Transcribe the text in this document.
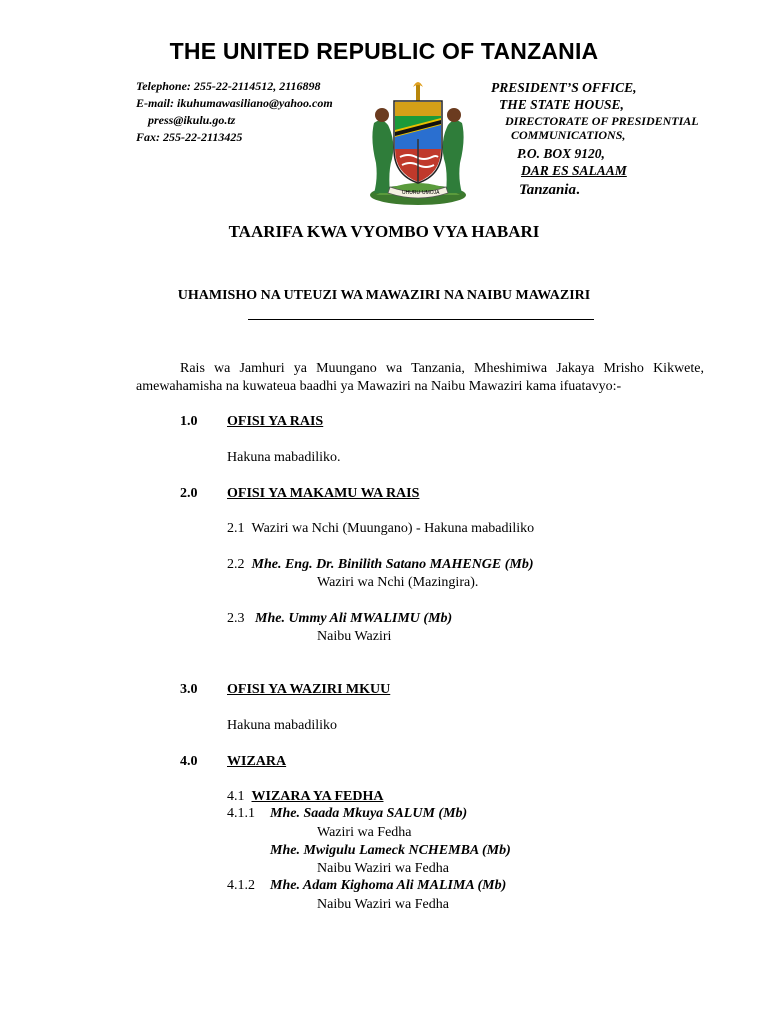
THE UNITED REPUBLIC OF TANZANIA
Telephone: 255-22-2114512, 2116898
E-mail: ikuhumawasiliano@yahoo.com
press@ikulu.go.tz
Fax: 255-22-2113425
UHURU UMOJA
PRESIDENT’S OFFICE,
THE STATE HOUSE,
DIRECTORATE OF PRESIDENTIAL
COMMUNICATIONS,
P.O. BOX 9120,
DAR ES SALAAM
Tanzania.
TAARIFA KWA VYOMBO VYA HABARI
UHAMISHO NA UTEUZI WA MAWAZIRI NA NAIBU MAWAZIRI

Rais wa Jamhuri ya Muungano wa Tanzania, Mheshimiwa Jakaya Mrisho Kikwete,

amewahamisha na kuwateua baadhi ya Mawaziri na Naibu Mawaziri kama ifuatavyo:-

1.0 OFISI YA RAIS
Hakuna mabadiliko.
2.0 OFISI YA MAKAMU WA RAIS
2.1 Waziri wa Nchi (Muungano) - Hakuna mabadiliko
2.2 Mhe. Eng. Dr. Binilith Satano MAHENGE (Mb)
Waziri wa Nchi (Mazingira).
2.3 Mhe. Ummy Ali MWALIMU (Mb)
Naibu Waziri
3.0 OFISI YA WAZIRI MKUU
Hakuna mabadiliko
4.0 WIZARA
4.1 WIZARA YA FEDHA
4.1.1 Mhe. Saada Mkuya SALUM (Mb)
Waziri wa Fedha
Mhe. Mwigulu Lameck NCHEMBA (Mb)
Naibu Waziri wa Fedha
4.1.2 Mhe. Adam Kighoma Ali MALIMA (Mb)
Naibu Waziri wa Fedha
